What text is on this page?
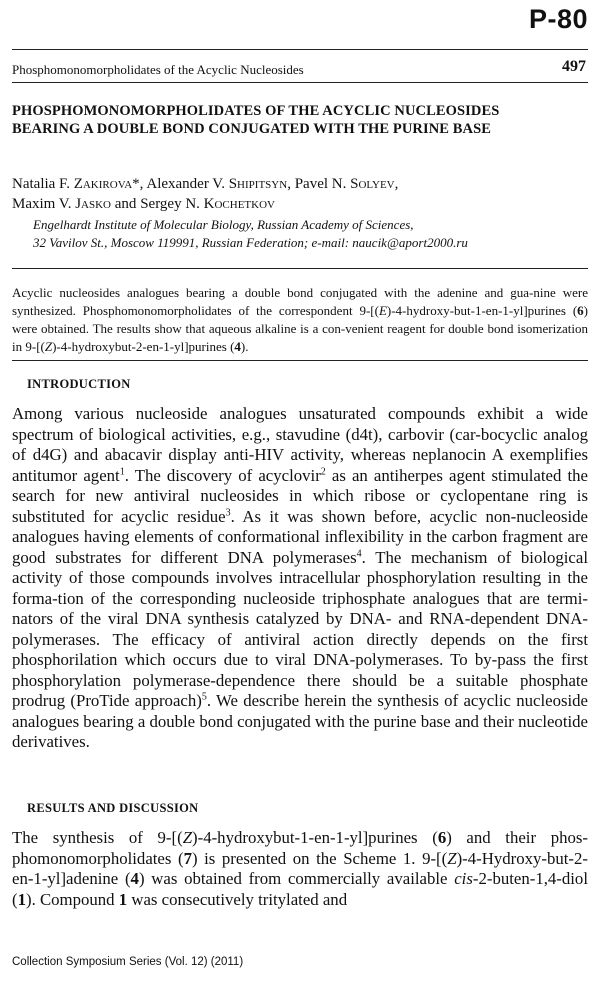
P-80
Phosphomonomorpholidates of the Acyclic Nucleosides	497
PHOSPHOMONOMORPHOLIDATES OF THE ACYCLIC NUCLEOSIDES
BEARING A DOUBLE BOND CONJUGATED WITH THE PURINE BASE
Natalia F. Zakirova*, Alexander V. Shipitsyn, Pavel N. Solyev,
Maxim V. Jasko and Sergey N. Kochetkov
Engelhardt Institute of Molecular Biology, Russian Academy of Sciences,
32 Vavilov St., Moscow 119991, Russian Federation; e-mail: naucik@aport2000.ru
Acyclic nucleosides analogues bearing a double bond conjugated with the adenine and gua-nine were synthesized. Phosphomonomorpholidates of the correspondent 9-[(E)-4-hydroxy-but-1-en-1-yl]purines (6) were obtained. The results show that aqueous alkaline is a con-venient reagent for double bond isomerization in 9-[(Z)-4-hydroxybut-2-en-1-yl]purines (4).
INTRODUCTION

Among various nucleoside analogues unsaturated compounds exhibit a wide spectrum of biological activities, e.g., stavudine (d4t), carbovir (car-bocyclic analog of d4G) and abacavir display anti-HIV activity, whereas neplanocin A exemplifies antitumor agent$^1$. The discovery of acyclovir$^2$ as an antiherpes agent stimulated the search for new antiviral nucleosides in which ribose or cyclopentane ring is substituted for acyclic residue$^3$. As it was shown before, acyclic non-nucleoside analogues having elements of conformational inflexibility in the carbon fragment are good substrates for different DNA polymerases$^4$. The mechanism of biological activity of those compounds involves intracellular phosphorylation resulting in the forma-tion of the corresponding nucleoside triphosphate analogues that are termi-nators of the viral DNA synthesis catalyzed by DNA- and RNA-dependent DNA-polymerases. The efficacy of antiviral action directly depends on the first phosphorilation which occurs due to viral DNA-polymerases. To by-pass the first phosphorylation polymerase-dependence there should be a suitable phosphate prodrug (ProTide approach)$^5$. We describe herein the synthesis of acyclic nucleoside analogues bearing a double bond conjugated with the purine base and their nucleotide derivatives.

RESULTS AND DISCUSSION

The synthesis of 9-[(Z)-4-hydroxybut-1-en-1-yl]purines (6) and their phos-phomonomorpholidates (7) is presented on the Scheme 1. 9-[(Z)-4-Hydroxy-but-2-en-1-yl]adenine (4) was obtained from commercially available cis-2-buten-1,4-diol (1). Compound 1 was consecutively tritylated and

Collection Symposium Series (Vol. 12) (2011)
